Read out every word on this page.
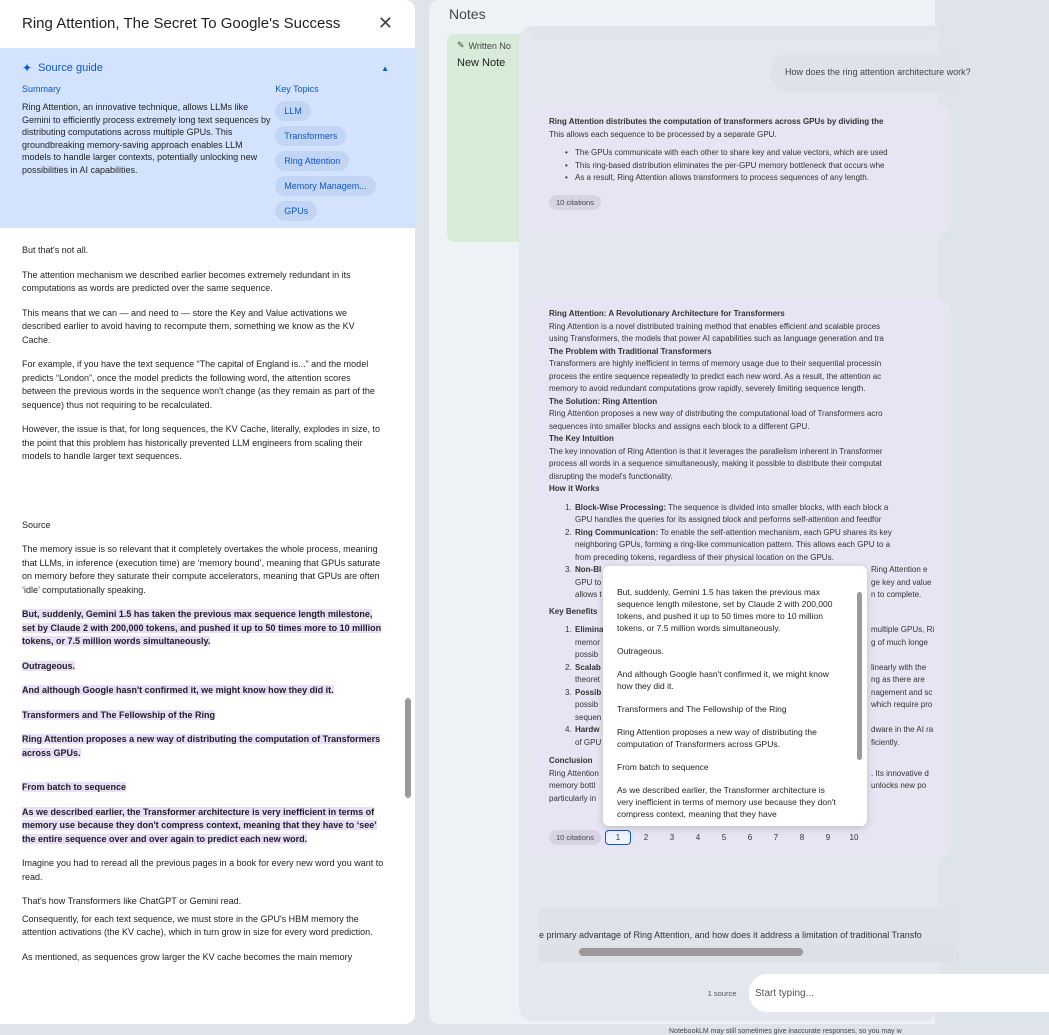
Ring Attention, The Secret To Google's Success ✕
✦ Source guide	▲
Summary
Ring Attention, an innovative technique, allows LLMs like Gemini to efficiently process extremely long text sequences by distributing computations across multiple GPUs. This groundbreaking memory-saving approach enables LLM models to handle larger contexts, potentially unlocking new possibilities in AI capabilities.
Key Topics
LLM
Transformers
Ring Attention
Memory Managem...
GPUs
But that's not all.
The attention mechanism we described earlier becomes extremely redundant in its computations as words are predicted over the same sequence.
This means that we can — and need to — store the Key and Value activations we described earlier to avoid having to recompute them, something we know as the KV Cache.
For example, if you have the text sequence “The capital of England is...” and the model predicts “London”, once the model predicts the following word, the attention scores between the previous words in the sequence won't change (as they remain as part of the sequence) thus not requiring to be recalculated.
However, the issue is that, for long sequences, the KV Cache, literally, explodes in size, to the point that this problem has historically prevented LLM engineers from scaling their models to handle larger text sequences.
Source
The memory issue is so relevant that it completely overtakes the whole process, meaning that LLMs, in inference (execution time) are ‘memory bound’, meaning that GPUs saturate on memory before they saturate their compute accelerators, meaning that GPUs are often ‘idle’ computationally speaking.
But, suddenly, Gemini 1.5 has taken the previous max sequence length milestone, set by Claude 2 with 200,000 tokens, and pushed it up to 50 times more to 10 million tokens, or 7.5 million words simultaneously.
Outrageous.
And although Google hasn't confirmed it, we might know how they did it.
Transformers and The Fellowship of the Ring
Ring Attention proposes a new way of distributing the computation of Transformers across GPUs.
From batch to sequence
As we described earlier, the Transformer architecture is very inefficient in terms of memory use because they don't compress context, meaning that they have to ‘see’ the entire sequence over and over again to predict each new word.
Imagine you had to reread all the previous pages in a book for every new word you want to read.
That's how Transformers like ChatGPT or Gemini read.
Consequently, for each text sequence, we must store in the GPU's HBM memory the attention activations (the KV cache), which in turn grow in size for every word prediction.
As mentioned, as sequences grow larger the KV cache becomes the main memory
Notes
✎ Written No
New Note
How does the ring attention architecture work?
Ring Attention distributes the computation of transformers across GPUs by dividing the
This allows each sequence to be processed by a separate GPU.
• The GPUs communicate with each other to share key and value vectors, which are used
• This ring-based distribution eliminates the per-GPU memory bottleneck that occurs whe
• As a result, Ring Attention allows transformers to process sequences of any length.
10 citations
Ring Attention: A Revolutionary Architecture for Transformers
Ring Attention is a novel distributed training method that enables efficient and scalable proces
using Transformers, the models that power AI capabilities such as language generation and tra
The Problem with Traditional Transformers
Transformers are highly inefficient in terms of memory usage due to their sequential processin
process the entire sequence repeatedly to predict each new word. As a result, the attention ac
memory to avoid redundant computations grow rapidly, severely limiting sequence length.
The Solution: Ring Attention
Ring Attention proposes a new way of distributing the computational load of Transformers acro
sequences into smaller blocks and assigns each block to a different GPU.
The Key Intuition
The key innovation of Ring Attention is that it leverages the parallelism inherent in Transformer
process all words in a sequence simultaneously, making it possible to distribute their computat
disrupting the model's functionality.
How it Works
1. Block-Wise Processing: The sequence is divided into smaller blocks, with each block a
GPU handles the queries for its assigned block and performs self-attention and feedfor
2. Ring Communication: To enable the self-attention mechanism, each GPU shares its key
neighboring GPUs, forming a ring-like communication pattern. This allows each GPU to a
from preceding tokens, regardless of their physical location on the GPUs.
3. Non-Bl	Ring Attention e
GPU to	ge key and value
allows t	n to complete.
Key Benefits
1. Elimina	multiple GPUs, Ri
memor	g of much longe
possib
2. Scalab	linearly with the
theoret	ng as there are
3. Possib	nagement and sc
possib	which require pro
sequen
4. Hardw	dware in the AI ra
of GPU	ficiently.
Conclusion
Ring Attention	. Its innovative d
memory bottl	unlocks new po
particularly in
10 citations	1	2	3	4	5	6	7	8	9	10
But, suddenly, Gemini 1.5 has taken the previous max sequence length milestone, set by Claude 2 with 200,000 tokens, and pushed it up to 50 times more to 10 million tokens, or 7.5 million words simultaneously.
Outrageous.
And although Google hasn't confirmed it, we might know how they did it.
Transformers and The Fellowship of the Ring
Ring Attention proposes a new way of distributing the computation of Transformers across GPUs.
From batch to sequence
As we described earlier, the Transformer architecture is very inefficient in terms of memory use because they don't compress context, meaning that they have
e primary advantage of Ring Attention, and how does it address a limitation of traditional Transfo
1 source
Start typing...
NotebookLM may still sometimes give inaccurate responses, so you may w
